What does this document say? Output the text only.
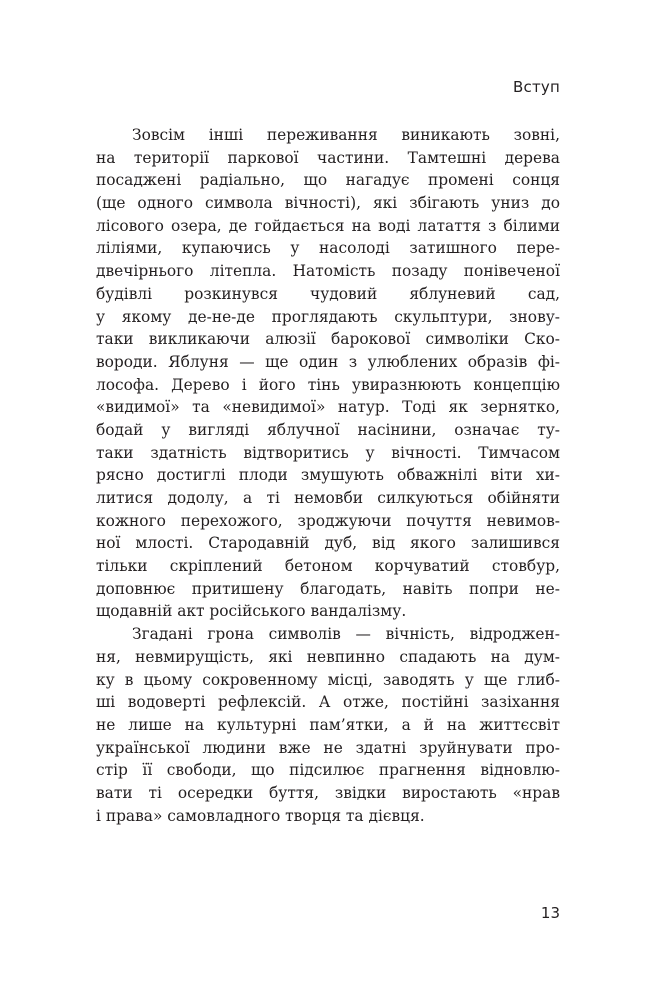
Вступ
Зовсім інші переживання виникають зовні,
на території паркової частини. Тамтешні дерева
посаджені радіально, що нагадує промені сонця
(ще одного символа вічності), які збігають униз до
лісового озера, де гойдається на воді латаття з білими
ліліями, купаючись у насолоді затишного пере-
двечірнього літепла. Натомість позаду понівеченої
будівлі розкинувся чудовий яблуневий сад,
у якому де-не-де проглядають скульптури, знову-
таки викликаючи алюзії барокової символіки Ско-
вороди. Яблуня — ще один з улюблених образів фі-
лософа. Дерево і його тінь увиразнюють концепцію
«видимої» та «невидимої» натур. Тоді як зернятко,
бодай у вигляді яблучної насінини, означає ту-
таки здатність відтворитись у вічності. Тимчасом
рясно достиглі плоди змушують обважнілі віти хи-
литися додолу, а ті немовби силкуються обійняти
кожного перехожого, зроджуючи почуття невимов-
ної млості. Стародавній дуб, від якого залишився
тільки скріплений бетоном корчуватий стовбур,
доповнює притишену благодать, навіть попри не-
щодавній акт російського вандалізму.
Згадані грона символів — вічність, відроджен-
ня, невмирущість, які невпинно спадають на дум-
ку в цьому сокровенному місці, заводять у ще глиб-
ші водоверті рефлексій. А отже, постійні зазіхання
не лише на культурні пам’ятки, а й на життєсвіт
української людини вже не здатні зруйнувати про-
стір її свободи, що підсилює прагнення відновлю-
вати ті осередки буття, звідки виростають «нрав
і права» самовладного творця та дієвця.
13
